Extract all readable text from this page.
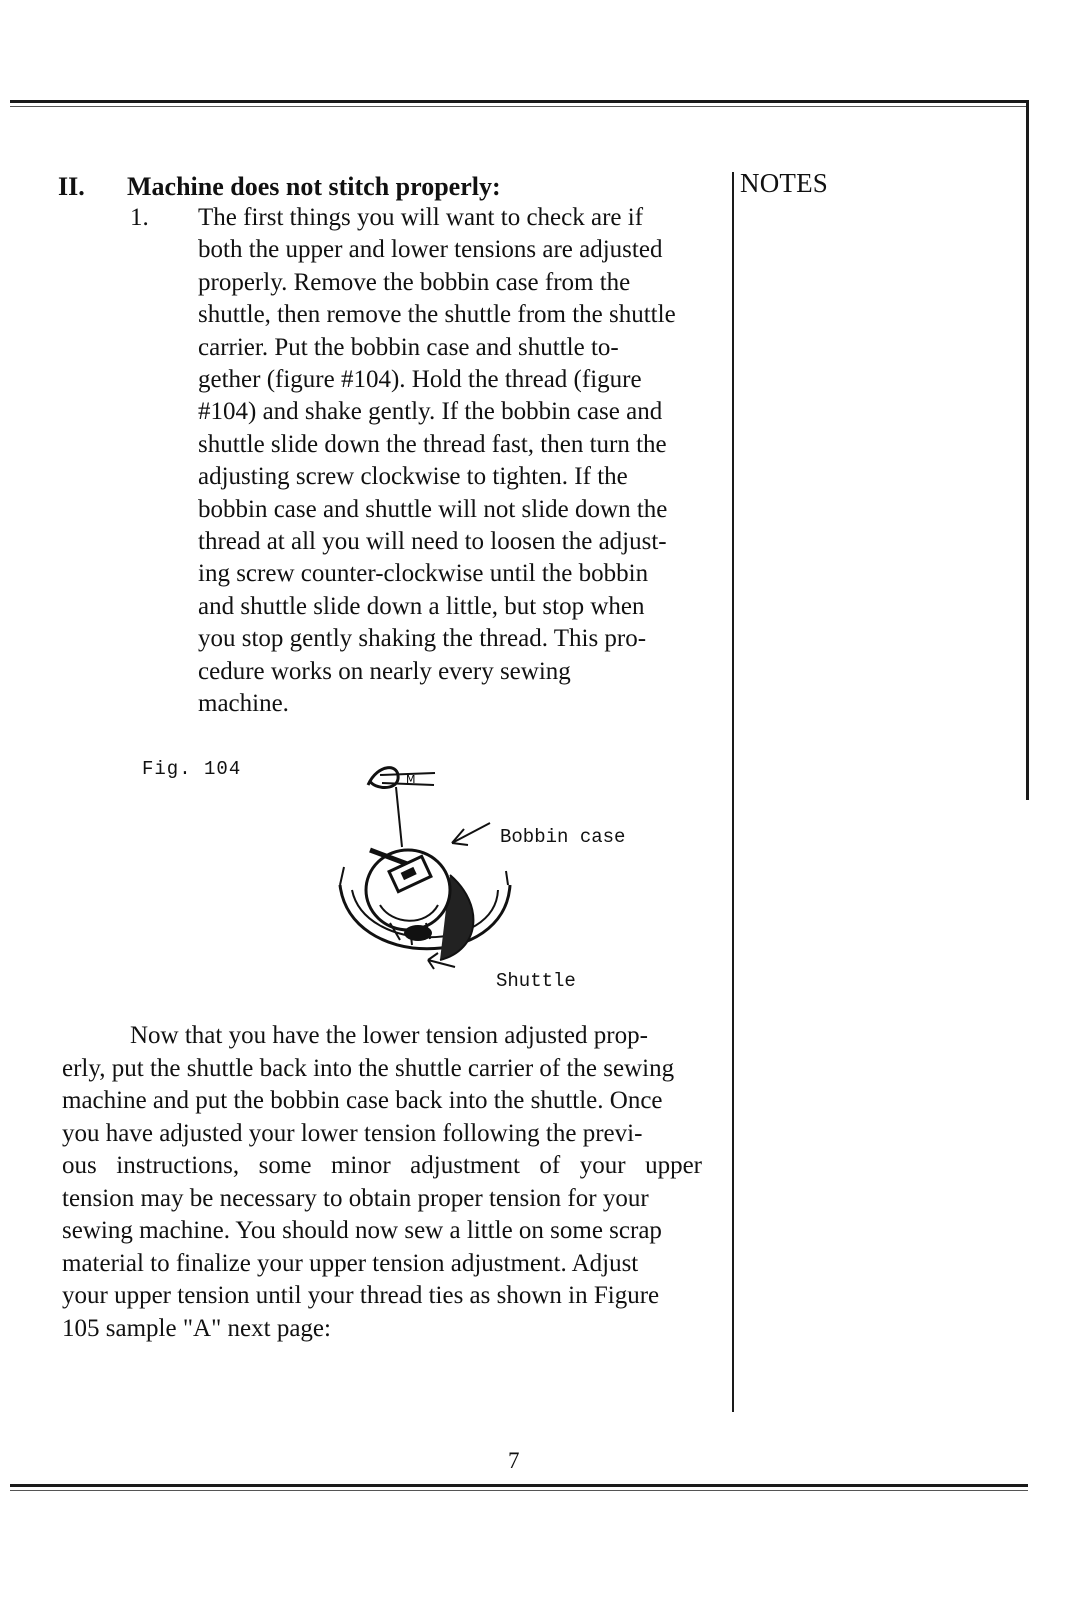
NOTES
II. Machine does not stitch properly:
1. The first things you will want to check are if
both the upper and lower tensions are adjusted
properly. Remove the bobbin case from the
shuttle, then remove the shuttle from the shuttle
carrier. Put the bobbin case and shuttle to-
gether (figure #104). Hold the thread (figure
#104) and shake gently. If the bobbin case and
shuttle slide down the thread fast, then turn the
adjusting screw clockwise to tighten. If the
bobbin case and shuttle will not slide down the
thread at all you will need to loosen the adjust-
ing screw counter-clockwise until the bobbin
and shuttle slide down a little, but stop when
you stop gently shaking the thread. This pro-
cedure works on nearly every sewing
machine.
Fig. 104	M
Bobbin case
Shuttle
Now that you have the lower tension adjusted prop-
erly, put the shuttle back into the shuttle carrier of the sewing
machine and put the bobbin case back into the shuttle. Once
you have adjusted your lower tension following the previ-
ous instructions, some minor adjustment of your upper
tension may be necessary to obtain proper tension for your
sewing machine. You should now sew a little on some scrap
material to finalize your upper tension adjustment. Adjust
your upper tension until your thread ties as shown in Figure
105 sample "A" next page:
7
